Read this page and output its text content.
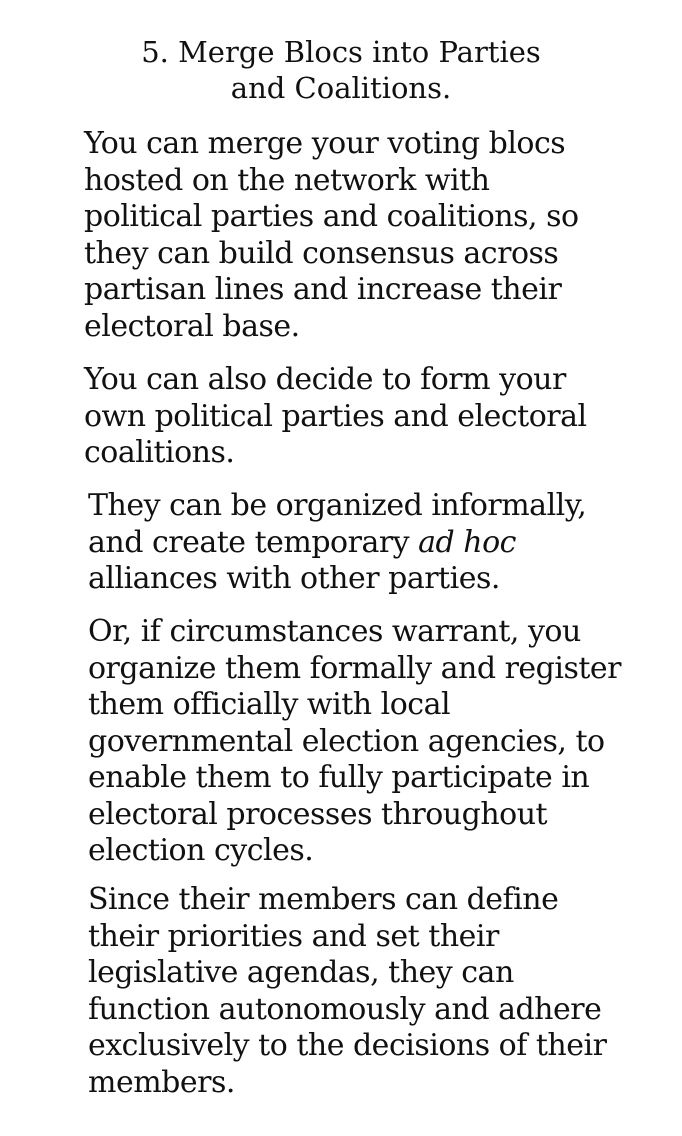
5. Merge Blocs into Parties
and Coalitions.

You can merge your voting blocs
hosted on the network with
political parties and coalitions, so
they can build consensus across
partisan lines and increase their
electoral base.

You can also decide to form your
own political parties and electoral
coalitions.

They can be organized informally,
and create temporary ad hoc
alliances with other parties.

Or, if circumstances warrant, you
organize them formally and register
them officially with local
governmental election agencies, to
enable them to fully participate in
electoral processes throughout
election cycles.

Since their members can define
their priorities and set their
legislative agendas, they can
function autonomously and adhere
exclusively to the decisions of their
members.
